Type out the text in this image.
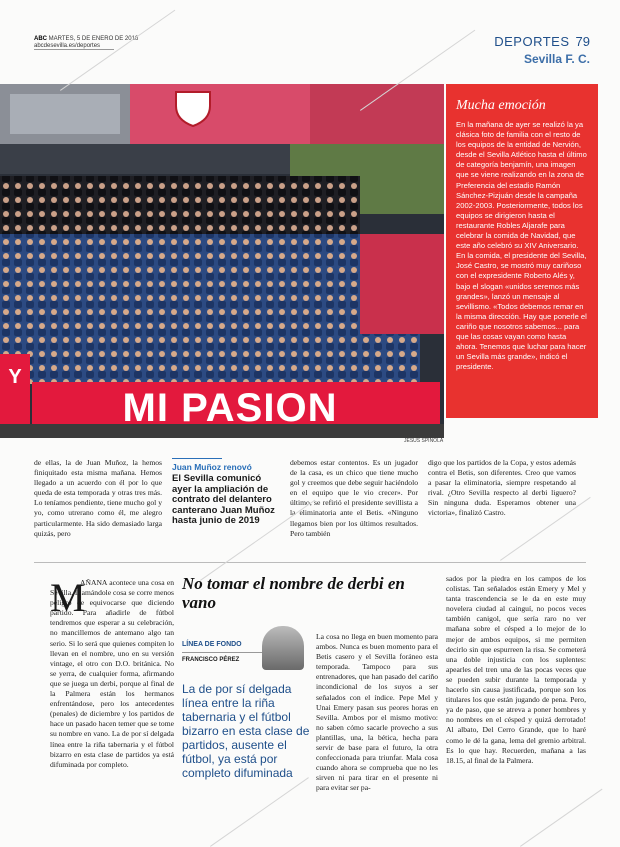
ABC MARTES, 5 DE ENERO DE 2016
abcdesevilla.es/deportes	DEPORTES 79
Sevilla F. C.
Y
MI PASION
JESÚS SPÍNOLA
Mucha emoción

En la mañana de ayer se realizó la ya clásica foto de familia con el resto de los equipos de la entidad de Nervión, desde el Sevilla Atlético hasta el último de categoría benjamín, una imagen que se viene realizando en la zona de Preferencia del estadio Ramón Sánchez-Pizjuán desde la campaña 2002-2003. Posteriormente, todos los equipos se dirigieron hasta el restaurante Robles Aljarafe para celebrar la comida de Navidad, que este año celebró su XIV Aniversario. En la comida, el presidente del Sevilla, José Castro, se mostró muy cariñoso con el expresidente Roberto Alés y, bajo el slogan «unidos seremos más grandes», lanzó un mensaje al sevillismo. «Todos debemos remar en la misma dirección. Hay que ponerle el cariño que nosotros sabemos... para que las cosas vayan como hasta ahora. Tenemos que luchar para hacer un Sevilla más grande», indicó el presidente.

de ellas, la de Juan Muñoz, la hemos finiquitado esta misma mañana. Hemos llegado a un acuerdo con él por lo que queda de esta temporada y otras tres más. Lo teníamos pendiente, tiene mucho gol y yo, como utrerano como él, me alegro particularmente. Ha sido demasiado larga quizás, pero
Juan Muñoz renovó
El Sevilla comunicó ayer la ampliación de contrato del delantero canterano Juan Muñoz hasta junio de 2019
debemos estar contentos. Es un jugador de la casa, es un chico que tiene mucho gol y creemos que debe seguir haciéndolo en el equipo que le vio crecer». Por último, se refirió el presidente sevillista a la eliminatoria ante el Betis. «Ninguno llegamos bien por los últimos resultados. Pero también
digo que los partidos de la Copa, y estos además contra el Betis, son diferentes. Creo que vamos a pasar la eliminatoria, siempre respetando al rival. ¿Otro Sevilla respecto al derbi liguero? Sin ninguna duda. Esperamos obtener una victoria», finalizó Castro.
M
AÑANA acontece una cosa en Sevilla. Llamándole cosa se corre menos peligro de equivocarse que diciendo partido. Para añadirle de fútbol tendremos que esperar a su celebración, no mancillemos de antemano algo tan serio. Si lo será que quienes compiten lo llevan en el nombre, uno en su versión vintage, el otro con D.O. británica. No se yerra, de cualquier forma, afirmando que se juega un derbi, porque al final de la Palmera están los hermanos enfrentándose, pero los antecedentes (penales) de diciembre y los partidos de hace un pasado hacen temer que se tome su nombre en vano. La de por sí delgada línea entre la riña tabernaria y el fútbol bizarro en esta clase de partidos ya está difuminada por completo.
No tomar el nombre de derbi en vano
LÍNEA DE FONDO
FRANCISCO PÉREZ
La de por sí delgada línea entre la riña tabernaria y el fútbol bizarro en esta clase de partidos, ausente el fútbol, ya está por completo difuminada
La cosa no llega en buen momento para ambos. Nunca es buen momento para el Betis casero y el Sevilla foráneo esta temporada. Tampoco para sus entrenadores, que han pasado del cariño incondicional de los suyos a ser señalados con el índice. Pepe Mel y Unai Emery pasan sus peores horas en Sevilla. Ambos por el mismo motivo: no saben cómo sacarle provecho a sus plantillas, una, la bética, hecha para servir de base para el futuro, la otra confeccionada para triunfar. Mala cosa cuando ahora se comprueba que no les sirven ni para tirar en el presente ni para evitar ser pa-
sados por la piedra en los campos de los colistas. Tan señalados están Emery y Mel y tanta trascendencia se le da en este muy novelera ciudad al cainguí, no pocos veces también canigol, que sería raro no ver mañana sobre el césped a lo mejor de lo mejor de ambos equipos, si me permiten decirlo sin que espurreen la risa. Se cometerá una doble injusticia con los suplentes: apearles del tren una de las pocas veces que se pueden subir durante la temporada y hacerlo sin causa justificada, porque son los titulares los que están jugando de pena. Pero, ya de paso, que se atreva a poner hombres y no nombres en el césped y quizá derrotado! Al albato, Del Cerro Grande, que lo haré como le dé la gana, lema del gremio arbitral. Es lo que hay. Recuerden, mañana a las 18.15, al final de la Palmera.
